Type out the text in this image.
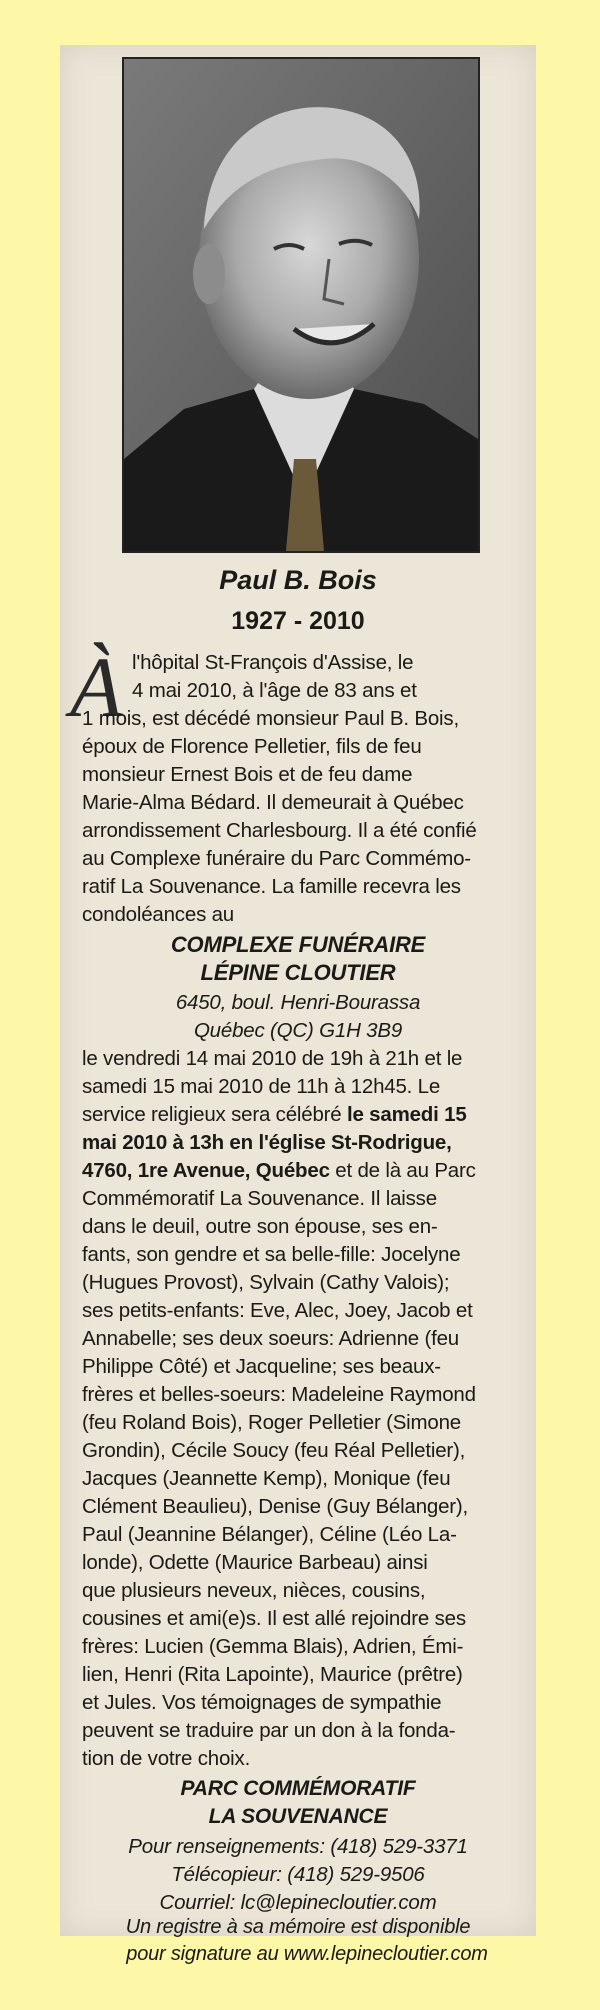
Paul B. Bois
1927 - 2010
À l'hôpital St-François d'Assise, le
4 mai 2010, à l'âge de 83 ans et
1 mois, est décédé monsieur Paul B. Bois,
époux de Florence Pelletier, fils de feu
monsieur Ernest Bois et de feu dame
Marie-Alma Bédard. Il demeurait à Québec
arrondissement Charlesbourg. Il a été confié
au Complexe funéraire du Parc Commémo-
ratif La Souvenance. La famille recevra les
condoléances au
COMPLEXE FUNÉRAIRE
LÉPINE CLOUTIER
6450, boul. Henri-Bourassa
Québec (QC) G1H 3B9
le vendredi 14 mai 2010 de 19h à 21h et le
samedi 15 mai 2010 de 11h à 12h45. Le
service religieux sera célébré le samedi 15
mai 2010 à 13h en l'église St-Rodrigue,
4760, 1re Avenue, Québec et de là au Parc
Commémoratif La Souvenance. Il laisse
dans le deuil, outre son épouse, ses en-
fants, son gendre et sa belle-fille: Jocelyne
(Hugues Provost), Sylvain (Cathy Valois);
ses petits-enfants: Eve, Alec, Joey, Jacob et
Annabelle; ses deux soeurs: Adrienne (feu
Philippe Côté) et Jacqueline; ses beaux-
frères et belles-soeurs: Madeleine Raymond
(feu Roland Bois), Roger Pelletier (Simone
Grondin), Cécile Soucy (feu Réal Pelletier),
Jacques (Jeannette Kemp), Monique (feu
Clément Beaulieu), Denise (Guy Bélanger),
Paul (Jeannine Bélanger), Céline (Léo La-
londe), Odette (Maurice Barbeau) ainsi
que plusieurs neveux, nièces, cousins,
cousines et ami(e)s. Il est allé rejoindre ses
frères: Lucien (Gemma Blais), Adrien, Émi-
lien, Henri (Rita Lapointe), Maurice (prêtre)
et Jules. Vos témoignages de sympathie
peuvent se traduire par un don à la fonda-
tion de votre choix.
PARC COMMÉMORATIF
LA SOUVENANCE
Pour renseignements: (418) 529-3371
Télécopieur: (418) 529-9506
Courriel: lc@lepinecloutier.com
Un registre à sa mémoire est disponible
pour signature au www.lepinecloutier.com
